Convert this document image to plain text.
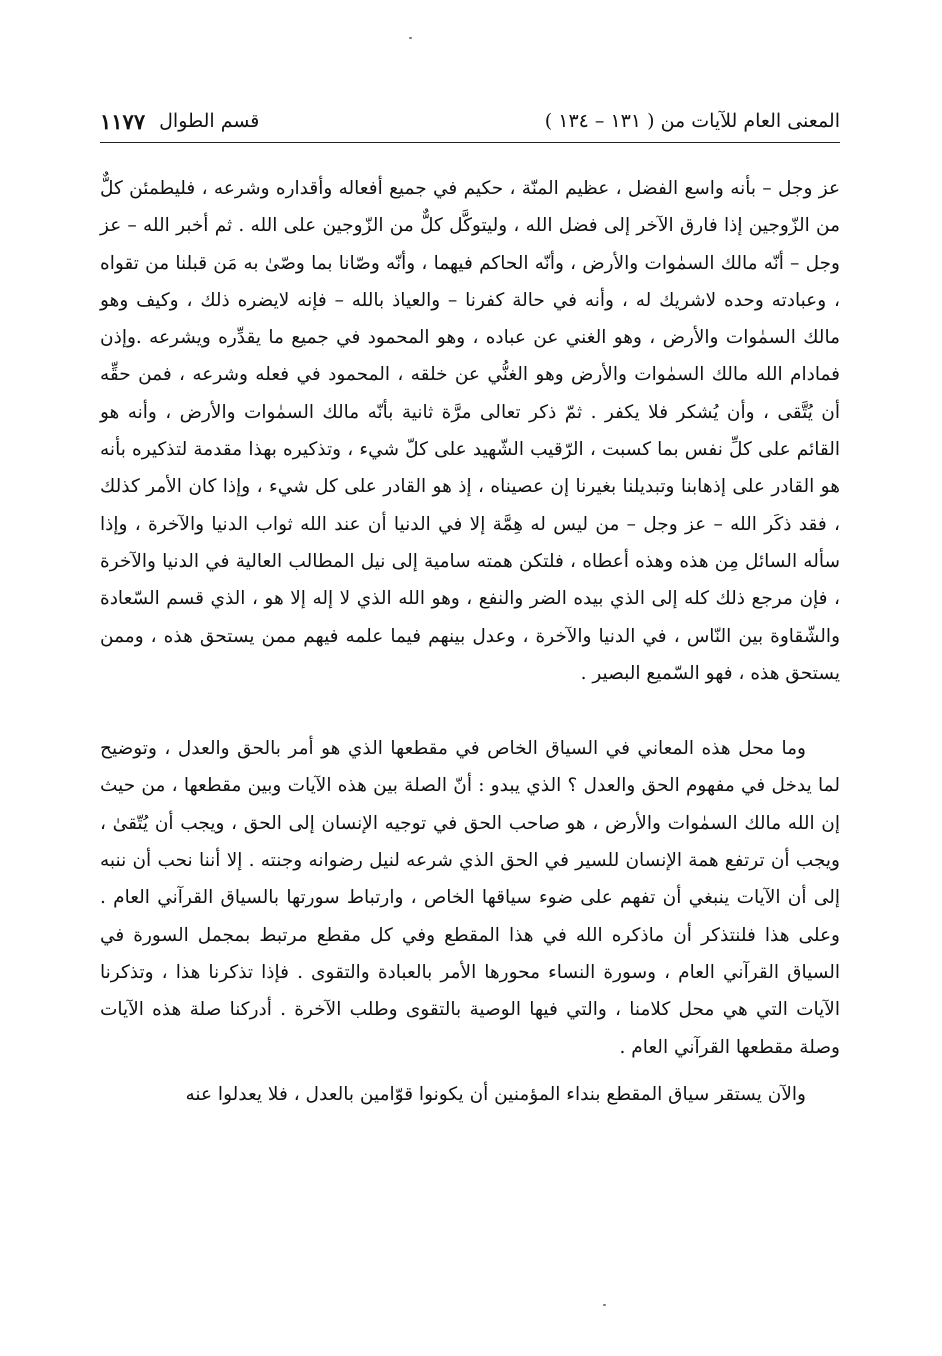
المعنى العام للآيات من ( ١٣١ – ١٣٤ )
قسم الطوال
١١٧٧

عز وجل – بأنه واسع الفضل ، عظيم المنّة ، حكيم في جميع أفعاله وأقداره وشرعه ، فليطمئن كلٌّ من الزّوجين إذا فارق الآخر إلى فضل الله ، وليتوكَّل كلٌّ من الزّوجين على الله . ثم أخبر الله – عز وجل – أنّه مالك السمٰوات والأرض ، وأنّه الحاكم فيهما ، وأنّه وصّانا بما وصّىٰ به مَن قبلنا من تقواه ، وعبادته وحده لاشريك له ، وأنه في حالة كفرنا – والعياذ بالله – فإنه لايضره ذلك ، وكيف وهو مالك السمٰوات والأرض ، وهو الغني عن عباده ، وهو المحمود في جميع ما يقدِّره ويشرعه .وإذن فمادام الله مالك السمٰوات والأرض وهو الغنُّي عن خلقه ، المحمود في فعله وشرعه ، فمن حقِّه أن يُتَّقى ، وأن يُشكر فلا يكفر . ثمّ ذكر تعالى مرَّة ثانية بأنّه مالك السمٰوات والأرض ، وأنه هو القائم على كلِّ نفس بما كسبت ، الرّقيب الشّهيد على كلّ شيء ، وتذكيره بهذا مقدمة لتذكيره بأنه هو القادر على إذهابنا وتبديلنا بغيرنا إن عصيناه ، إذ هو القادر على كل شيء ، وإذا كان الأمر كذلك ، فقد ذكَر الله – عز وجل – من ليس له هِمَّة إلا في الدنيا أن عند الله ثواب الدنيا والآخرة ، وإذا سأله السائل مِن هذه وهذه أعطاه ، فلتكن همته سامية إلى نيل المطالب العالية في الدنيا والآخرة ، فإن مرجع ذلك كله إلى الذي بيده الضر والنفع ، وهو الله الذي لا إله إلا هو ، الذي قسم السّعادة والشّقاوة بين النّاس ، في الدنيا والآخرة ، وعدل بينهم فيما علمه فيهم ممن يستحق هذه ، وممن يستحق هذه ، فهو السّميع البصير .

وما محل هذه المعاني في السياق الخاص في مقطعها الذي هو أمر بالحق والعدل ، وتوضيح لما يدخل في مفهوم الحق والعدل ؟ الذي يبدو : أنّ الصلة بين هذه الآيات وبين مقطعها ، من حيث إن الله مالك السمٰوات والأرض ، هو صاحب الحق في توجيه الإنسان إلى الحق ، ويجب أن يُتّقىٰ ، ويجب أن ترتفع همة الإنسان للسير في الحق الذي شرعه لنيل رضوانه وجنته . إلا أننا نحب أن ننبه إلى أن الآيات ينبغي أن تفهم على ضوء سياقها الخاص ، وارتباط سورتها بالسياق القرآني العام . وعلى هذا فلنتذكر أن ماذكره الله في هذا المقطع وفي كل مقطع مرتبط بمجمل السورة في السياق القرآني العام ، وسورة النساء محورها الأمر بالعبادة والتقوى . فإذا تذكرنا هذا ، وتذكرنا الآيات التي هي محل كلامنا ، والتي فيها الوصية بالتقوى وطلب الآخرة . أدركنا صلة هذه الآيات وصلة مقطعها القرآني العام .

والآن يستقر سياق المقطع بنداء المؤمنين أن يكونوا قوّامين بالعدل ، فلا يعدلوا عنه
